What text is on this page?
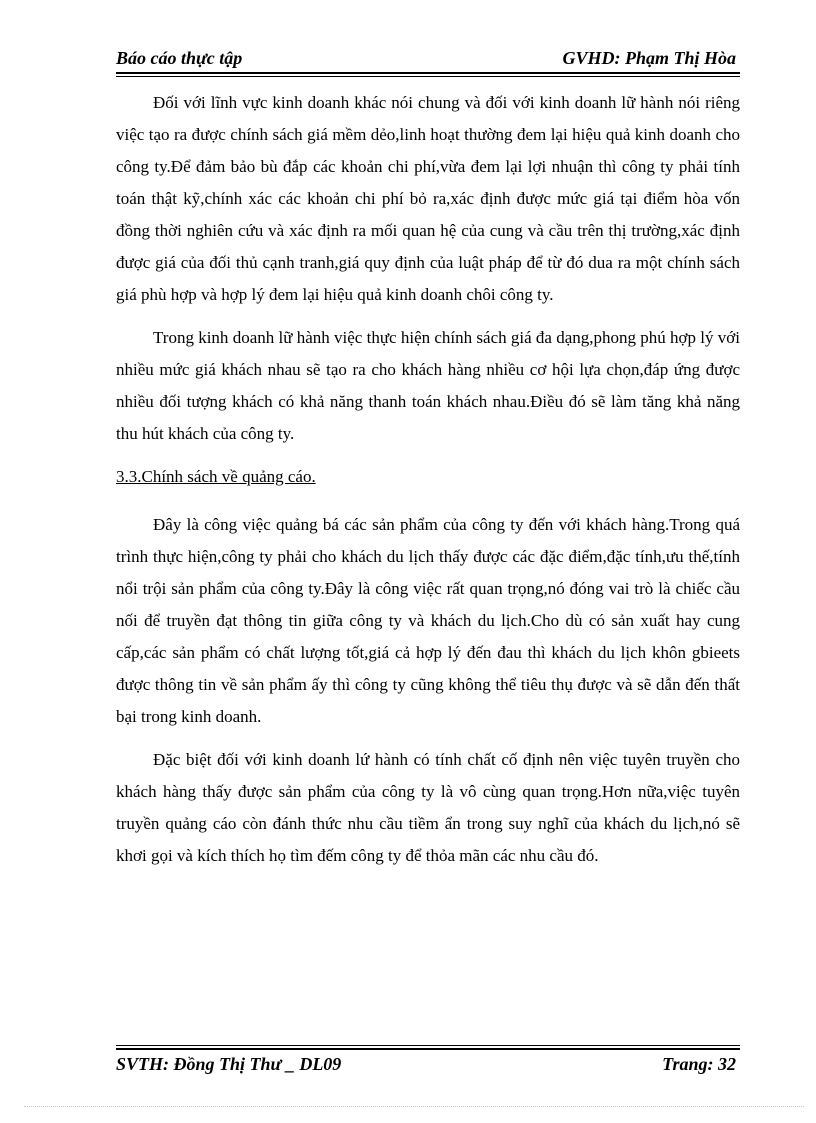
Báo cáo thực tập	GVHD: Phạm Thị Hòa

Đối với lĩnh vực kinh doanh khác nói chung và đối với kinh doanh lữ hành nói riêng việc tạo ra được chính sách giá mềm dẻo,linh hoạt thường đem lại hiệu quả kinh doanh cho công ty.Để đảm bảo bù đắp các khoản chi phí,vừa đem lại lợi nhuận thì công ty phải tính toán thật kỹ,chính xác các khoản chi phí bỏ ra,xác định được mức giá tại điểm hòa vốn đồng thời nghiên cứu và xác định ra mối quan hệ của cung và cầu trên thị trường,xác định được giá của đối thủ cạnh tranh,giá quy định của luật pháp để từ đó dua ra một chính sách giá phù hợp và hợp lý đem lại hiệu quả kinh doanh chôi công ty.

Trong kinh doanh lữ hành việc thực hiện chính sách giá đa dạng,phong phú hợp lý với nhiều mức giá khách nhau sẽ tạo ra cho khách hàng nhiều cơ hội lựa chọn,đáp ứng được nhiều đối tượng khách có khả năng thanh toán khách nhau.Điều đó sẽ làm tăng khả năng thu hút khách của công ty.

3.3.Chính sách về quảng cáo.

Đây là công việc quảng bá các sản phẩm của công ty đến với khách hàng.Trong quá trình thực hiện,công ty phải cho khách du lịch thấy được các đặc điểm,đặc tính,ưu thế,tính nổi trội sản phẩm của công ty.Đây là công việc rất quan trọng,nó đóng vai trò là chiếc cầu nối để truyền đạt thông tin giữa công ty và khách du lịch.Cho dù có sản xuất hay cung cấp,các sản phẩm có chất lượng tốt,giá cả hợp lý đến đau thì khách du lịch khôn gbieets được thông tin về sản phẩm ấy thì công ty cũng không thể tiêu thụ được và sẽ dẫn đến thất bại trong kinh doanh.

Đặc biệt đối với kinh doanh lứ hành có tính chất cố định nên việc tuyên truyền cho khách hàng thấy được sản phẩm của công ty là vô cùng quan trọng.Hơn nữa,việc tuyên truyền quảng cáo còn đánh thức nhu cầu tiềm ẩn trong suy nghĩ của khách du lịch,nó sẽ khơi gọi và kích thích họ tìm đếm công ty để thỏa mãn các nhu cầu đó.

SVTH: Đồng Thị Thư _ DL09	Trang: 32
